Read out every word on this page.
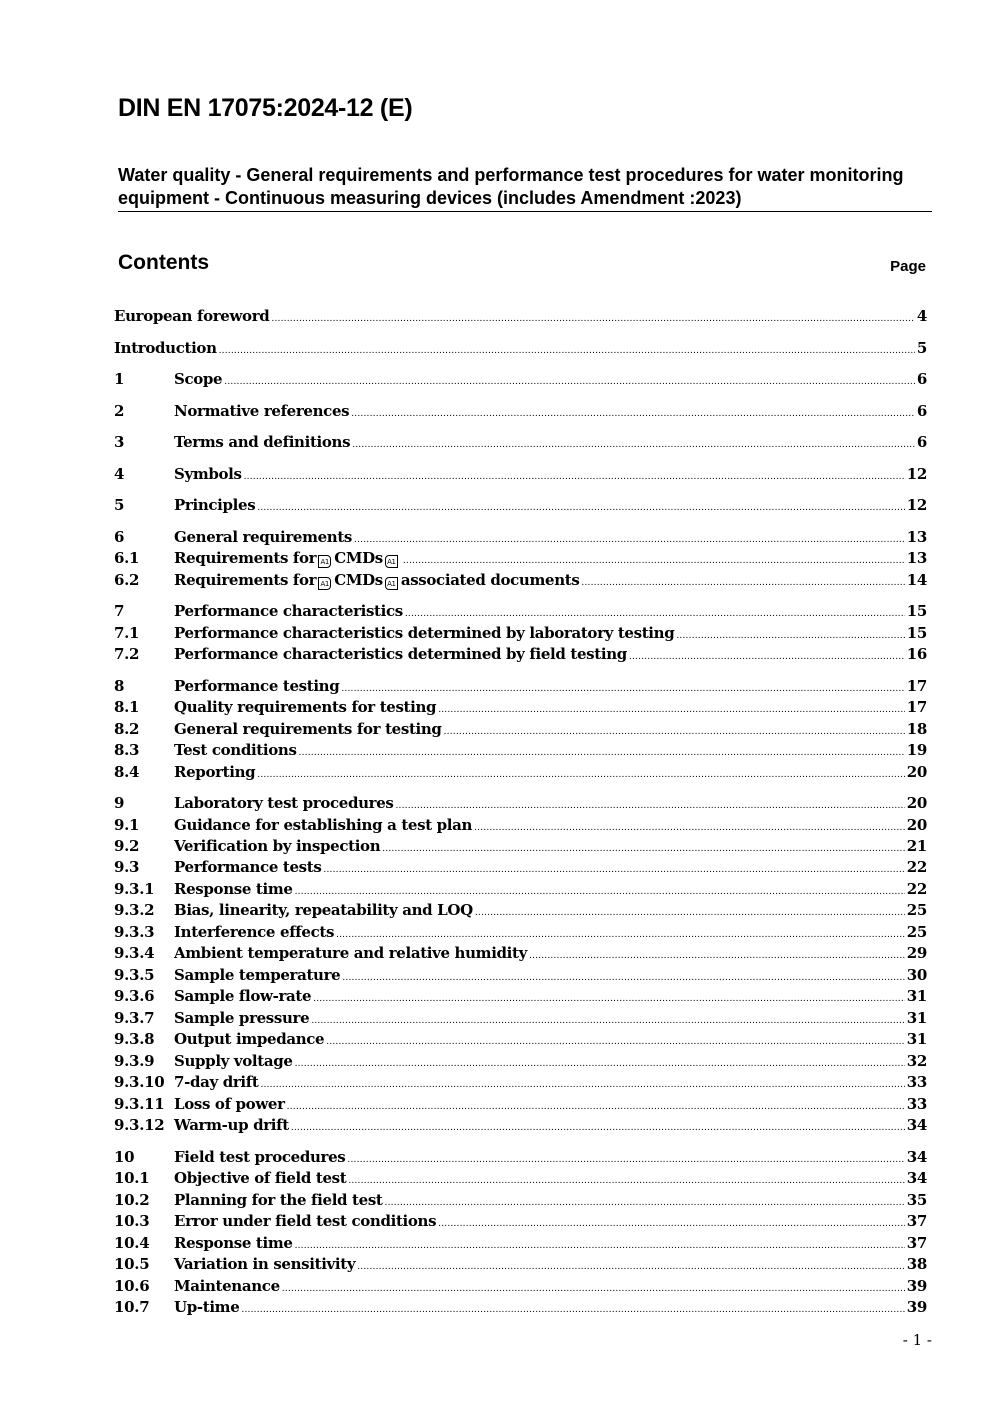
DIN EN 17075:2024-12 (E)
Water quality - General requirements and performance test procedures for water monitoring equipment - Continuous measuring devices (includes Amendment :2023)
Contents	Page
European foreword .....	4
Introduction .....	5
1	Scope .....	6
2	Normative references .....	6
3	Terms and definitions .....	6
4	Symbols .....	12
5	Principles .....	12
6	General requirements .....	13
6.1	Requirements for A1 CMDs A1 .....	13
6.2	Requirements for A1 CMDs A1 associated documents .....	14
7	Performance characteristics .....	15
7.1	Performance characteristics determined by laboratory testing .....	15
7.2	Performance characteristics determined by field testing .....	16
8	Performance testing .....	17
8.1	Quality requirements for testing .....	17
8.2	General requirements for testing .....	18
8.3	Test conditions .....	19
8.4	Reporting .....	20
9	Laboratory test procedures .....	20
9.1	Guidance for establishing a test plan .....	20
9.2	Verification by inspection .....	21
9.3	Performance tests .....	22
9.3.1	Response time .....	22
9.3.2	Bias, linearity, repeatability and LOQ .....	25
9.3.3	Interference effects .....	25
9.3.4	Ambient temperature and relative humidity .....	29
9.3.5	Sample temperature .....	30
9.3.6	Sample flow-rate .....	31
9.3.7	Sample pressure .....	31
9.3.8	Output impedance .....	31
9.3.9	Supply voltage .....	32
9.3.10 7-day drift .....	33
9.3.11 Loss of power .....	33
9.3.12 Warm-up drift .....	34
10	Field test procedures .....	34
10.1	Objective of field test .....	34
10.2	Planning for the field test .....	35
10.3	Error under field test conditions .....	37
10.4	Response time .....	37
10.5	Variation in sensitivity .....	38
10.6	Maintenance .....	39
10.7	Up-time .....	39
- 1 -
